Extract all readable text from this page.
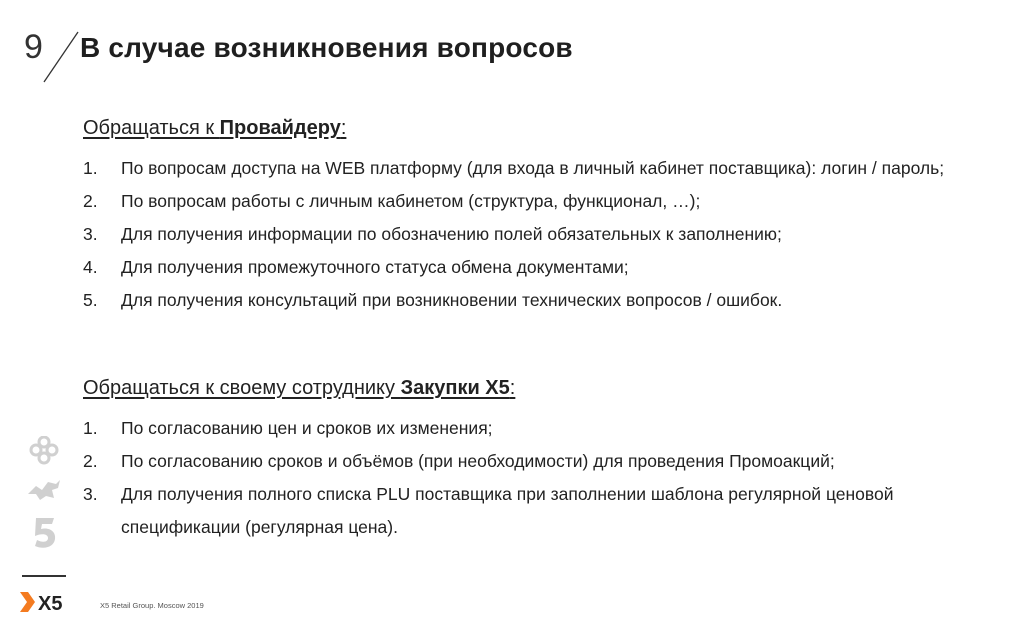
9 В случае возникновения вопросов
Обращаться к Провайдеру:
1. По вопросам доступа на WEB платформу (для входа в личный кабинет поставщика): логин / пароль;
2. По вопросам работы с личным кабинетом (структура, функционал, …);
3. Для получения информации по обозначению полей обязательных к заполнению;
4. Для получения промежуточного статуса обмена документами;
5. Для получения консультаций при возникновении технических вопросов / ошибок.
Обращаться к своему сотруднику Закупки X5:
1. По согласованию цен и сроков их изменения;
2. По согласованию сроков и объёмов (при необходимости) для проведения Промоакций;
3. Для получения полного списка PLU поставщика при заполнении шаблона регулярной ценовой спецификации (регулярная цена).
X5	X5 Retail Group. Moscow 2019
